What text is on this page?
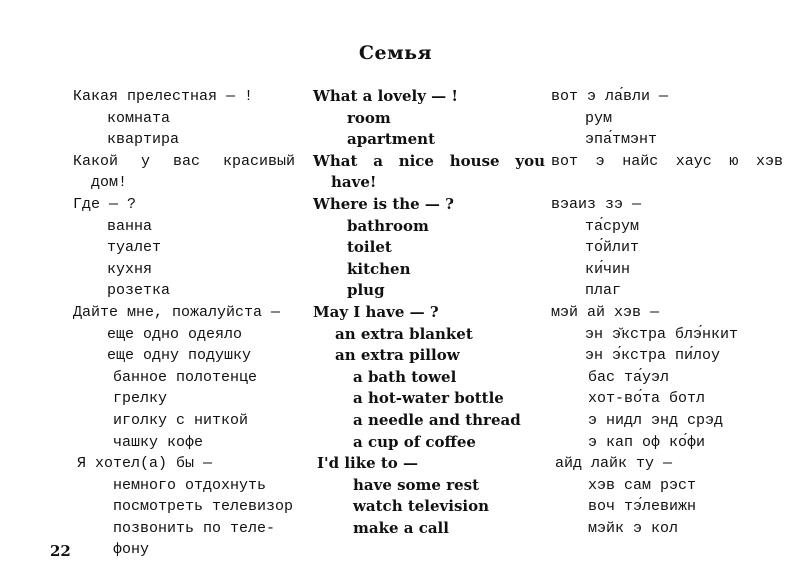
Семья
Какая прелестная — !
комната
квартира
Какой у вас красивый
дом!
Где — ?
ванна
туалет
кухня
розетка
Дайте мне, пожалуйста —
еще одно одеяло
еще одну подушку
банное полотенце
грелку
иголку с ниткой
чашку кофе
Я хотел(а) бы —
немного отдохнуть
посмотреть телевизор
позвонить по теле-
фону
What a lovely — !
room
apartment
What a nice house you
have!
Where is the — ?
bathroom
toilet
kitchen
plug
May I have — ?
an extra blanket
an extra pillow
a bath towel
a hot-water bottle
a needle and thread
a cup of coffee
I'd like to —
have some rest
watch television
make a call
вот э ла́вли —
рум
эпа́тмэнт
вот э найс хаус ю хэв
вэаиз зэ —
та́срум
то́йлит
ки́чин
плаг
мэй ай хэв —
эн э̆кстра блэ́нкит
эн э́кстра пи́лоу
бас та́уэл
хот-во́та ботл
э нидл энд срэд
э кап оф ко́фи
айд лайк ту —
хэв сам рэст
воч тэ́левижн
мэйк э кол
22
